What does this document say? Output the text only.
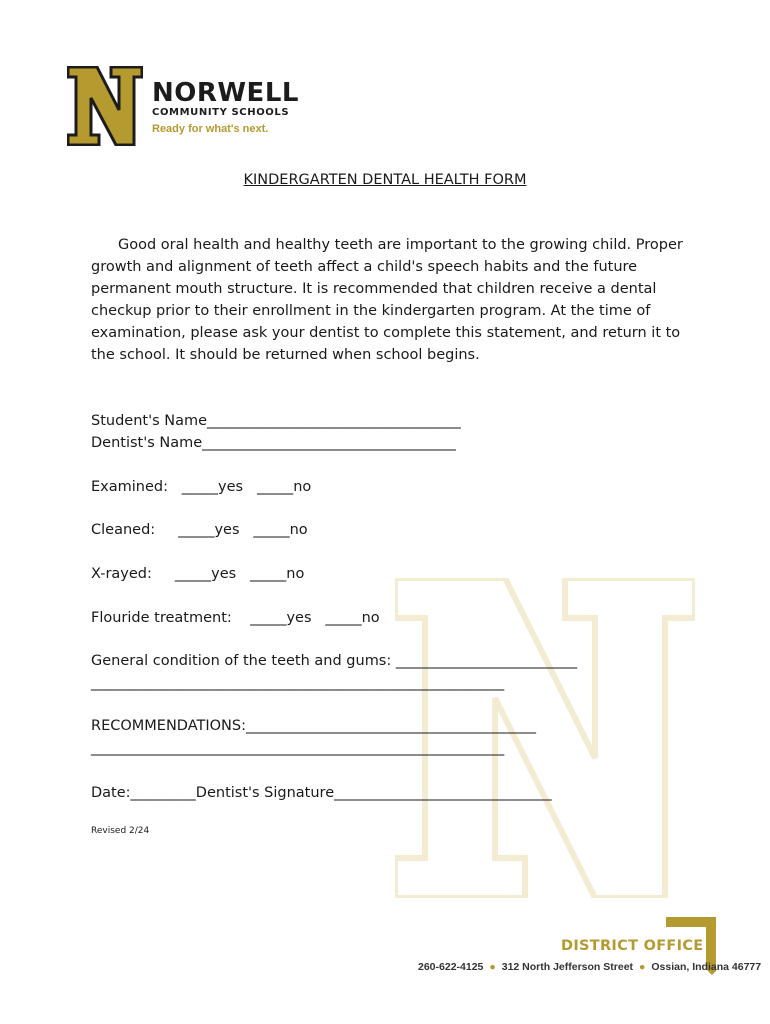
NORWELL
COMMUNITY SCHOOLS
Ready for what's next.
KINDERGARTEN DENTAL HEALTH FORM
Good oral health and healthy teeth are important to the growing child. Proper growth and alignment of teeth affect a child's speech habits and the future permanent mouth structure. It is recommended that children receive a dental checkup prior to their enrollment in the kindergarten program. At the time of examination, please ask your dentist to complete this statement, and return it to the school. It should be returned when school begins.
Student's Name___________________________________
Dentist's Name___________________________________
Examined:   _____yes   _____no
Cleaned:     _____yes   _____no
X-rayed:     _____yes   _____no
Flouride treatment:    _____yes   _____no
General condition of the teeth and gums: _________________________
_________________________________________________________
RECOMMENDATIONS:________________________________________
_________________________________________________________
Date:_________Dentist's Signature______________________________
Revised 2/24
DISTRICT OFFICE
260-622-4125 ● 312 North Jefferson Street ● Ossian, Indiana 46777
